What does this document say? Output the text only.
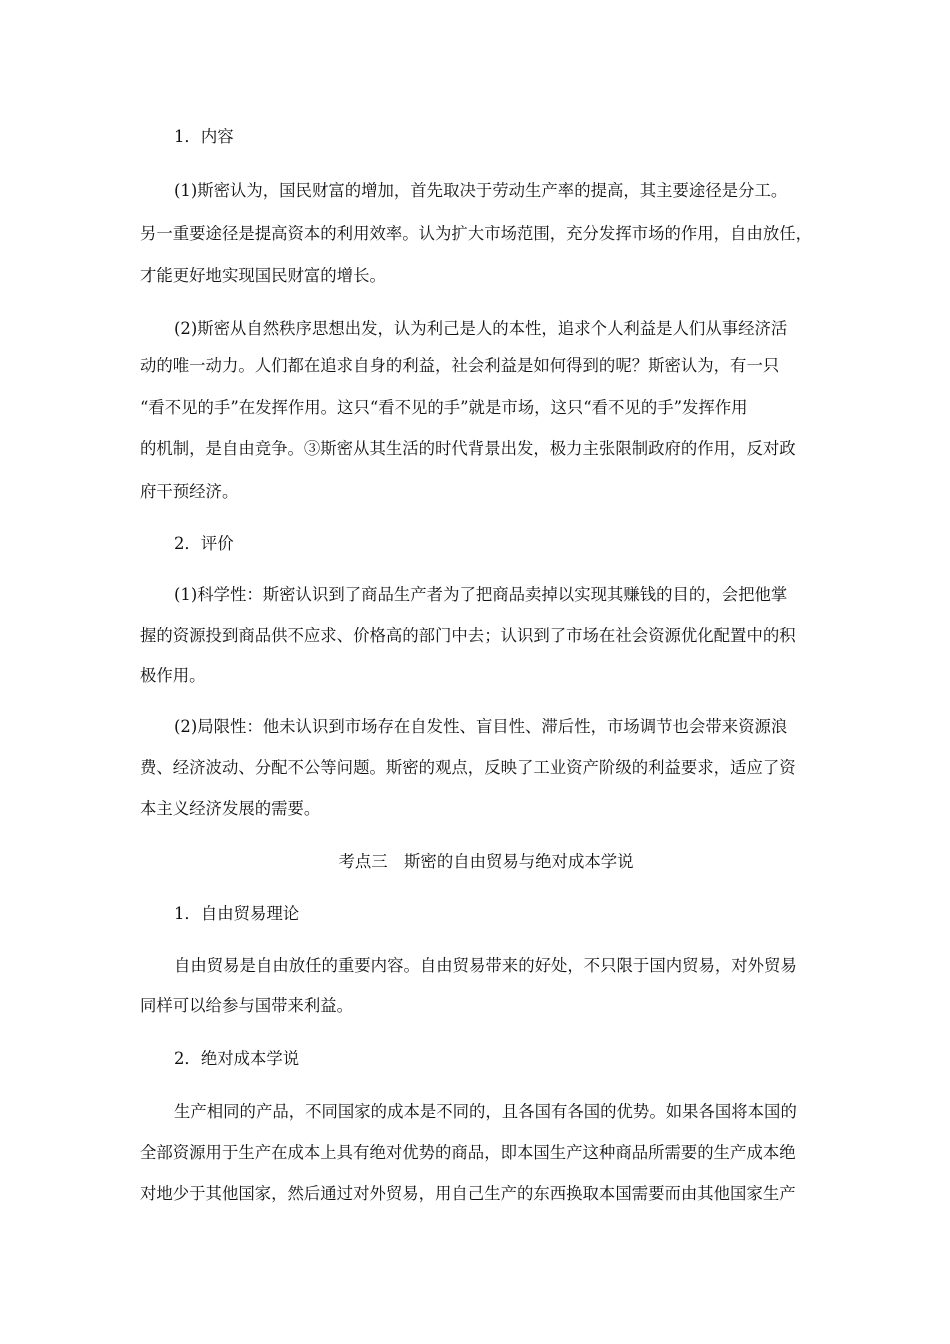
1．内容
(1)斯密认为，国民财富的增加，首先取决于劳动生产率的提高，其主要途径是分工。
另一重要途径是提高资本的利用效率。认为扩大市场范围，充分发挥市场的作用，自由放任，
才能更好地实现国民财富的增长。
(2)斯密从自然秩序思想出发，认为利己是人的本性，追求个人利益是人们从事经济活
动的唯一动力。人们都在追求自身的利益，社会利益是如何得到的呢？斯密认为，有一只
“看不见的手”在发挥作用。这只“看不见的手”就是市场，这只“看不见的手”发挥作用
的机制，是自由竞争。③斯密从其生活的时代背景出发，极力主张限制政府的作用，反对政
府干预经济。
2．评价
(1)科学性：斯密认识到了商品生产者为了把商品卖掉以实现其赚钱的目的，会把他掌
握的资源投到商品供不应求、价格高的部门中去；认识到了市场在社会资源优化配置中的积
极作用。
(2)局限性：他未认识到市场存在自发性、盲目性、滞后性，市场调节也会带来资源浪
费、经济波动、分配不公等问题。斯密的观点，反映了工业资产阶级的利益要求，适应了资
本主义经济发展的需要。
考点三　斯密的自由贸易与绝对成本学说
1．自由贸易理论
自由贸易是自由放任的重要内容。自由贸易带来的好处，不只限于国内贸易，对外贸易
同样可以给参与国带来利益。
2．绝对成本学说
生产相同的产品，不同国家的成本是不同的，且各国有各国的优势。如果各国将本国的
全部资源用于生产在成本上具有绝对优势的商品，即本国生产这种商品所需要的生产成本绝
对地少于其他国家，然后通过对外贸易，用自己生产的东西换取本国需要而由其他国家生产
